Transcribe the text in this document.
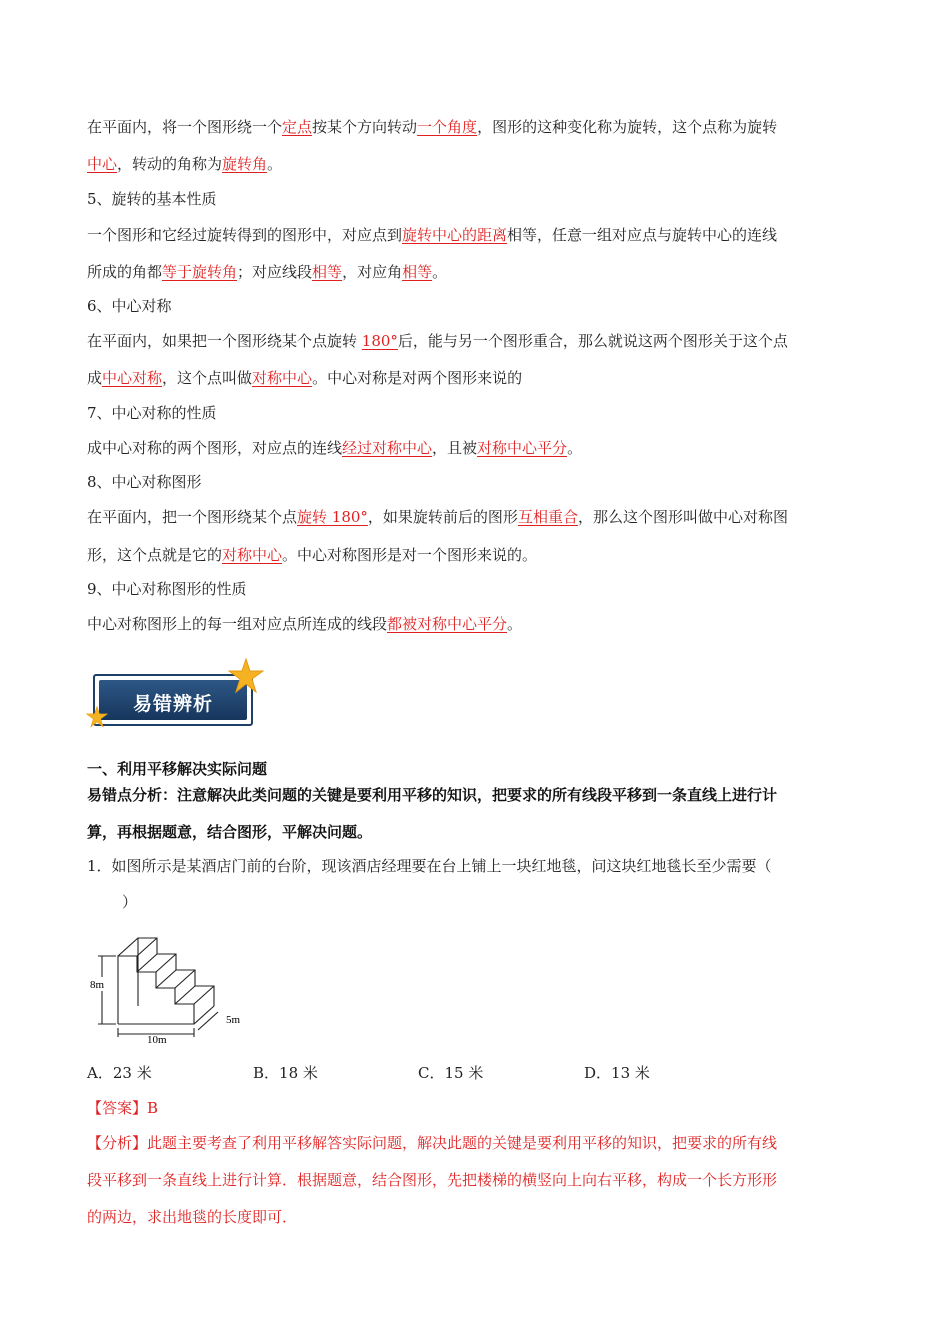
在平面内，将一个图形绕一个定点按某个方向转动一个角度，图形的这种变化称为旋转，这个点称为旋转
中心，转动的角称为旋转角。
5、旋转的基本性质
一个图形和它经过旋转得到的图形中，对应点到旋转中心的距离相等，任意一组对应点与旋转中心的连线
所成的角都等于旋转角；对应线段相等，对应角相等。
6、中心对称
在平面内，如果把一个图形绕某个点旋转 180°后，能与另一个图形重合，那么就说这两个图形关于这个点
成中心对称，这个点叫做对称中心。中心对称是对两个图形来说的
7、中心对称的性质
成中心对称的两个图形，对应点的连线经过对称中心，且被对称中心平分。
8、中心对称图形
在平面内，把一个图形绕某个点旋转 180°，如果旋转前后的图形互相重合，那么这个图形叫做中心对称图
形，这个点就是它的对称中心。中心对称图形是对一个图形来说的。
9、中心对称图形的性质
中心对称图形上的每一组对应点所连成的线段都被对称中心平分。
易错辨析
一、利用平移解决实际问题
易错点分析：注意解决此类问题的关键是要利用平移的知识，把要求的所有线段平移到一条直线上进行计
算，再根据题意，结合图形，平解决问题。
1．如图所示是某酒店门前的台阶，现该酒店经理要在台上铺上一块红地毯，问这块红地毯长至少需要（
）
8m
10m
5m
A．23 米	B．18 米	C．15 米	D．13 米
【答案】B
【分析】此题主要考查了利用平移解答实际问题，解决此题的关键是要利用平移的知识，把要求的所有线
段平移到一条直线上进行计算．根据题意，结合图形，先把楼梯的横竖向上向右平移，构成一个长方形形
的两边，求出地毯的长度即可．
